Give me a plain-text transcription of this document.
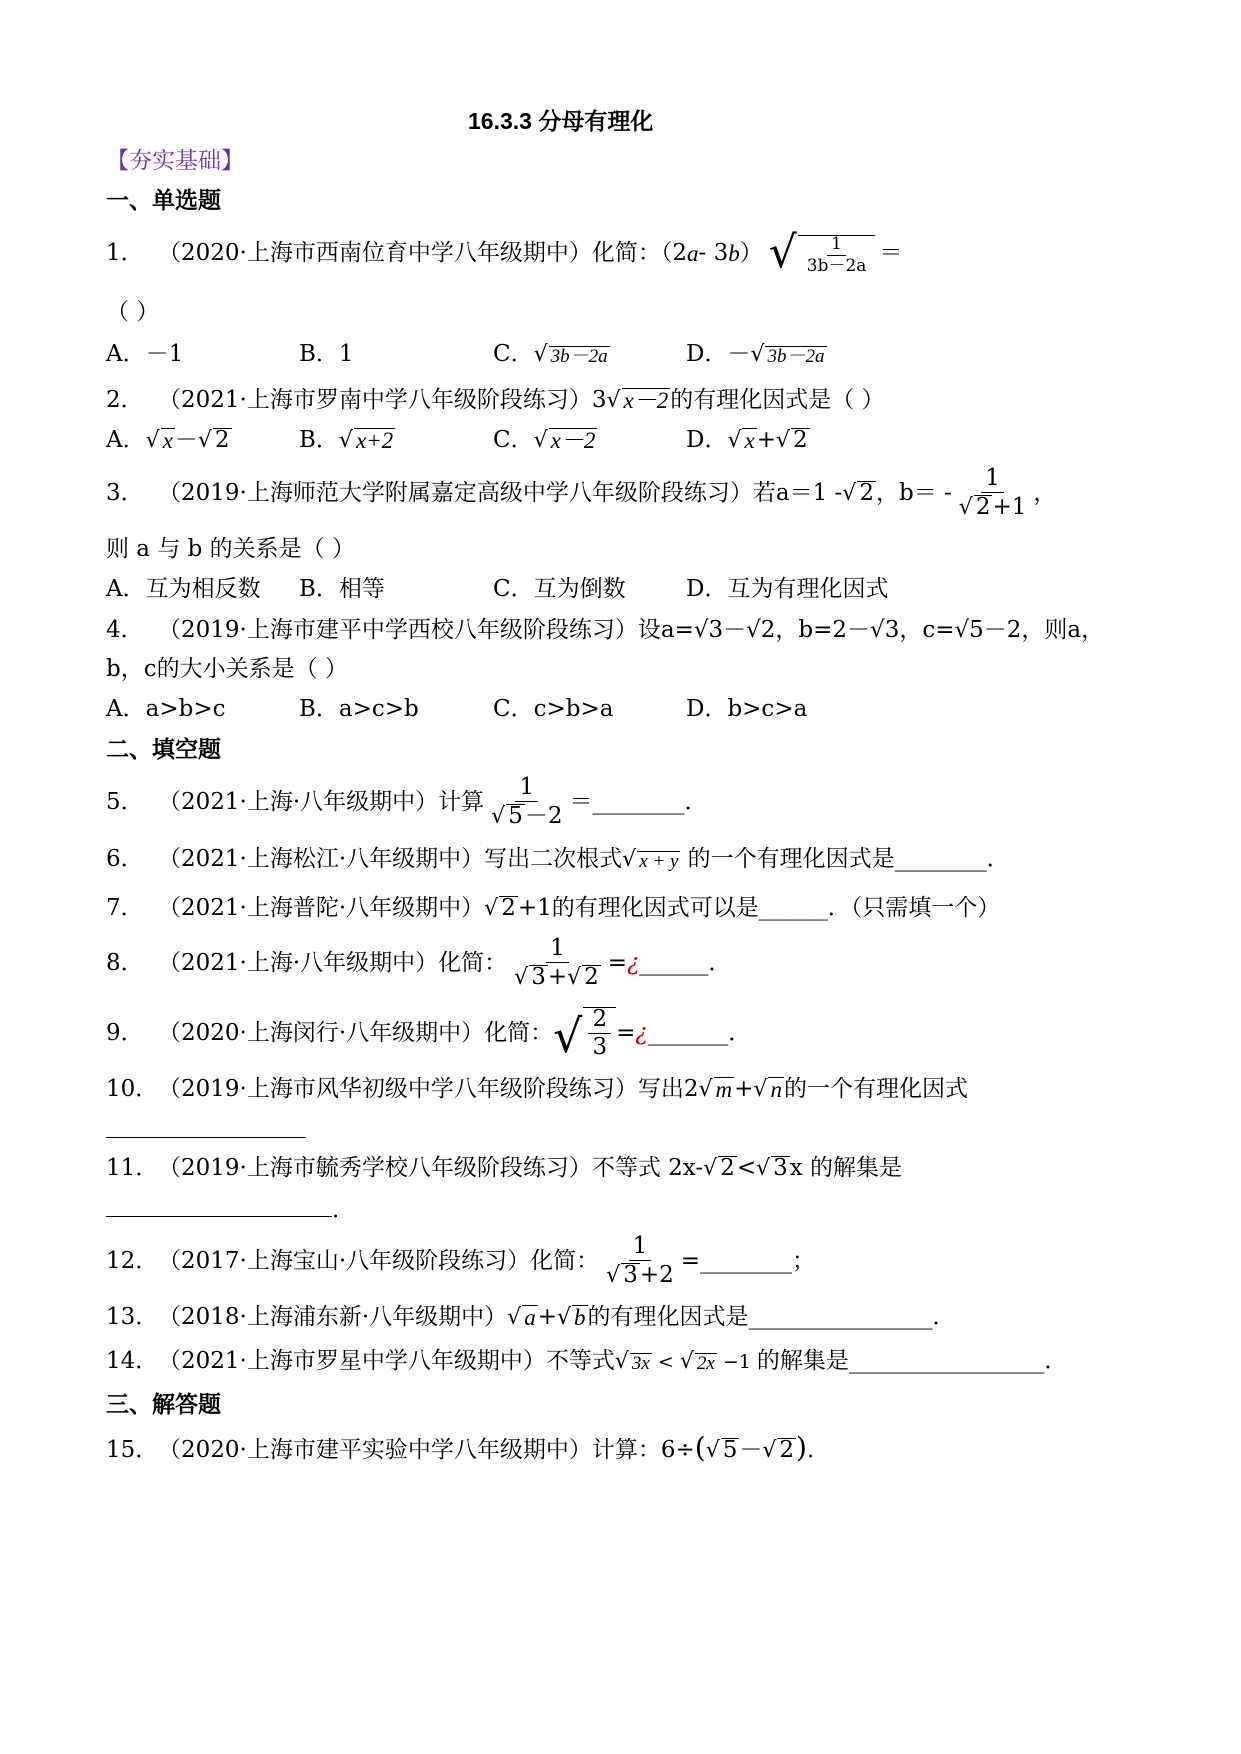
16.3.3 分母有理化
【夯实基础】
一、单选题
1． （2020·上海市西南位育中学八年级期中）化简：（2 a - 3 b ） √ $\frac{1}{3b-2a}$ ＝
（ ）
A．－1	B．1	C． √ 3b－2a	D．－ √ 3b－2a
2． （2021·上海市罗南中学八年级阶段练习）3 √ x－2 的有理化因式是（ ）
A． √ x － √ 2	B． √ x+2	C． √ x－2	D． √ x + √ 2
3． （2019·上海师范大学附属嘉定高级中学八年级阶段练习）若 a＝1 - √ 2 ，$b= - \frac{1}{√ 2 +1}$ ，
则 a 与 b 的关系是（ ）
A．互为相反数 B．相等	C．互为倒数	D．互为有理化因式
4． （2019·上海市建平中学西校八年级阶段练习）设a=√3－√2，b=2－√3，c=√5－2，则a，
b，c的大小关系是（ ）
A．a>b>c	B．a>c>b	C．c>b>a	D．b>c>a
二、填空题
5． （2021·上海·八年级期中）计算 $\frac{1}{√ 5 -2}$ ＝________．
6． （2021·上海松江·八年级期中）写出二次根式 √ x + y 的一个有理化因式是________．
7． （2021·上海普陀·八年级期中） √ 2 +1的有理化因式可以是______．（只需填一个）
8． （2021·上海·八年级期中）化简： $\frac{1}{√ 3 + √ 2}$ = ¿ ______．
9． （2020·上海闵行·八年级期中）化简： √ $\frac{2}{3}$ = ¿ _______．
10．（2019·上海市风华初级中学八年级阶段练习）写出2 √ m + √ n 的一个有理化因式
11．（2019·上海市毓秀学校八年级阶段练习）不等式 2x- √ 2 < √ 3 x 的解集是
．
12． （2017·上海宝山·八年级阶段练习）化简： $\frac{1}{√ 3 +2}$ =________；
13．（2018·上海浦东新·八年级期中） √ a + √ b 的有理化因式是________________．
14．（2021·上海市罗星中学八年级期中）不等式 √ 3x < √ 2x −1 的解集是_________________．
三、解答题
15．（2020·上海市建平实验中学八年级期中）计算：6÷( √ 5 － √ 2 )．
